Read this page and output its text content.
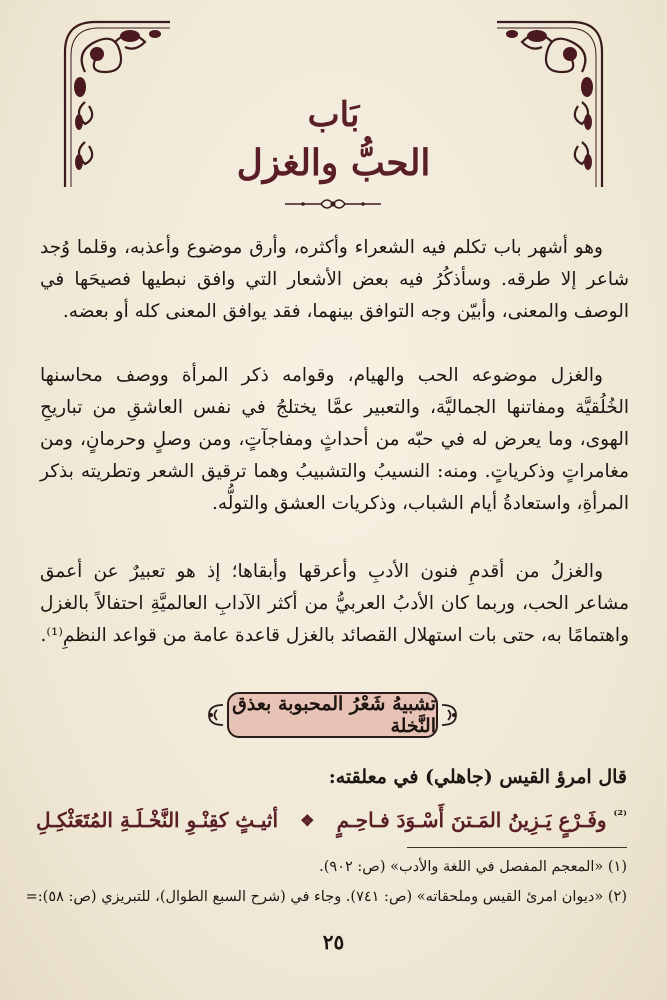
بَاب
الحبُّ والغزل

وهو أشهر باب تكلم فيه الشعراء وأكثره، وأرق موضوع وأعذبه، وقلما وُجد شاعر إلا طرقه. وسأذكُرُ فيه بعض الأشعار التي وافق نبطيها فصيحَها في الوصف والمعنى، وأبيّن وجه التوافق بينهما، فقد يوافق المعنى كله أو بعضه.

والغزل موضوعه الحب والهيام، وقوامه ذكر المرأة ووصف محاسنها الخُلُقيَّة ومفاتنها الجماليَّة، والتعبير عمَّا يختلجُ في نفس العاشقِ من تباريحِ الهوى، وما يعرض له في حبّه من أحداثٍ ومفاجآتٍ، ومن وصلٍ وحرمانٍ، ومن مغامراتٍ وذكرياتٍ. ومنه: النسيبُ والتشبيبُ وهما ترقيق الشعر وتطريته بذكر المرأةِ، واستعادةُ أيام الشباب، وذكريات العشق والتولُّه.

والغزلُ من أقدمِ فنون الأدبِ وأعرقها وأبقاها؛ إذ هو تعبيرٌ عن أعمق مشاعر الحب، وربما كان الأدبُ العربيُّ من أكثر الآدابِ العالميَّةِ احتفالاً بالغزل واهتمامًا به، حتى بات استهلال القصائد بالغزل قاعدة عامة من قواعد النظمِ⁽¹⁾.

تشبيهُ شَعْرُ المحبوبة بعذق النَّخلة
قال امرؤ القيس (جاهلي) في معلقته:
$^{^{(2)}}$ وفَـرْعٍ يَـزِينُ المَـتنَ أَسْـوَدَ فـاحِـمٍ
❖
أثيـثٍ كقِنْـوِ النَّخْـلَـةِ المُتَعَثْكِـلِ
(١) «المعجم المفصل في اللغة والأدب» (ص: ٩٠٢).
(٢) «ديوان امرئ القيس وملحقاته» (ص: ٧٤١). وجاء في (شرح السبع الطوال)، للتبريزي (ص: ٥٨):=
٢٥
